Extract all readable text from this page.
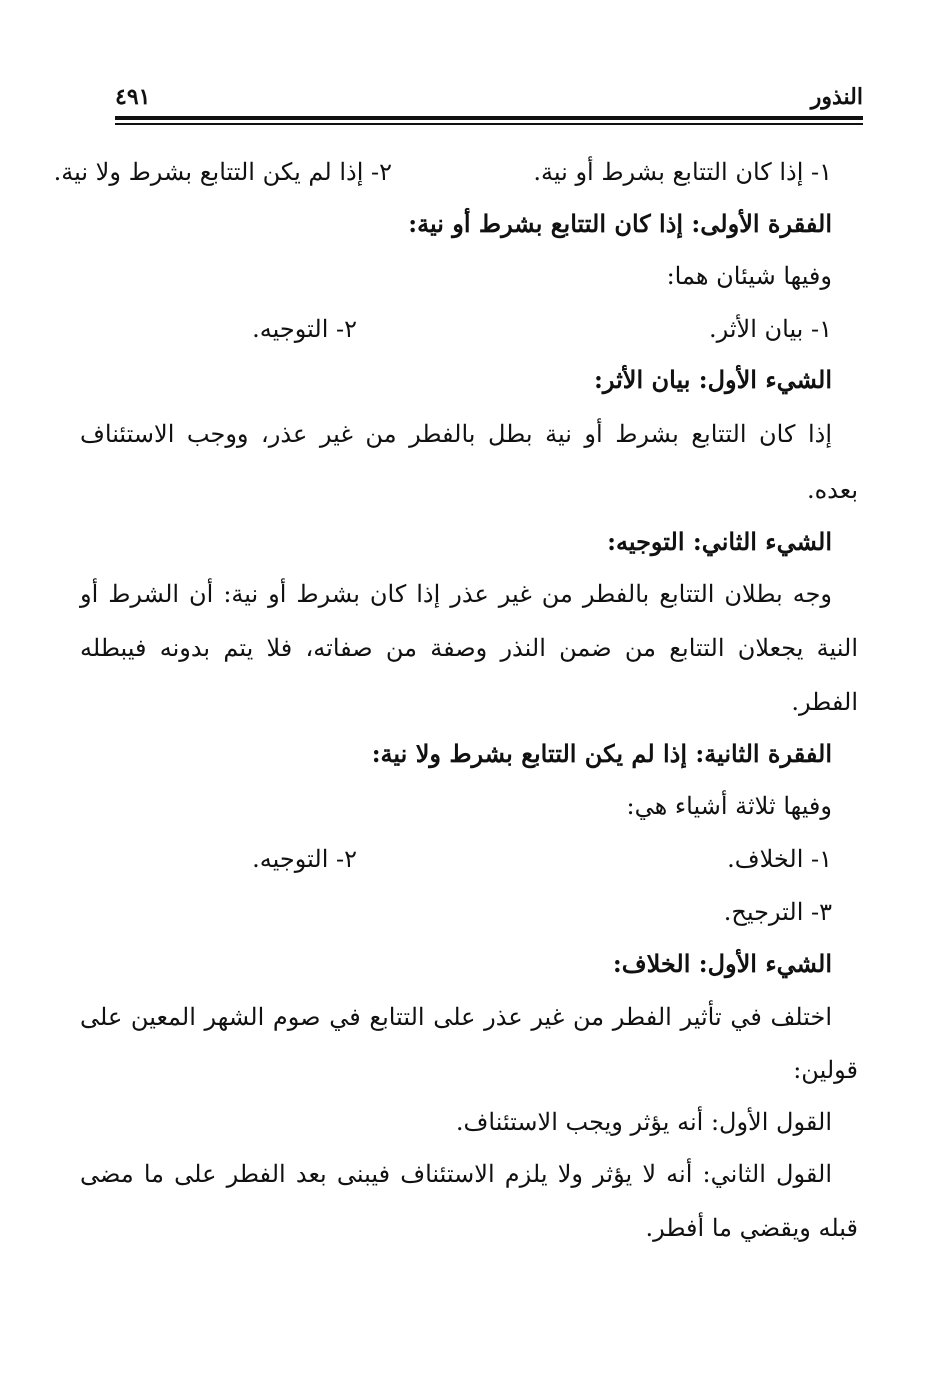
النذور
٤٩١
١- إذا كان التتابع بشرط أو نية.
٢- إذا لم يكن التتابع بشرط ولا نية.
الفقرة الأولى: إذا كان التتابع بشرط أو نية:
وفيها شيئان هما:
١- بيان الأثر.
٢- التوجيه.
الشيء الأول: بيان الأثر:
إذا كان التتابع بشرط أو نية بطل بالفطر من غير عذر، ووجب الاستئناف
بعده.
الشيء الثاني: التوجيه:
وجه بطلان التتابع بالفطر من غير عذر إذا كان بشرط أو نية: أن الشرط أو
النية يجعلان التتابع من ضمن النذر وصفة من صفاته، فلا يتم بدونه فيبطله
الفطر.
الفقرة الثانية: إذا لم يكن التتابع بشرط ولا نية:
وفيها ثلاثة أشياء هي:
١- الخلاف.
٢- التوجيه.
٣- الترجيح.
الشيء الأول: الخلاف:
اختلف في تأثير الفطر من غير عذر على التتابع في صوم الشهر المعين على
قولين:
القول الأول: أنه يؤثر ويجب الاستئناف.
القول الثاني: أنه لا يؤثر ولا يلزم الاستئناف فيبنى بعد الفطر على ما مضى
قبله ويقضي ما أفطر.
